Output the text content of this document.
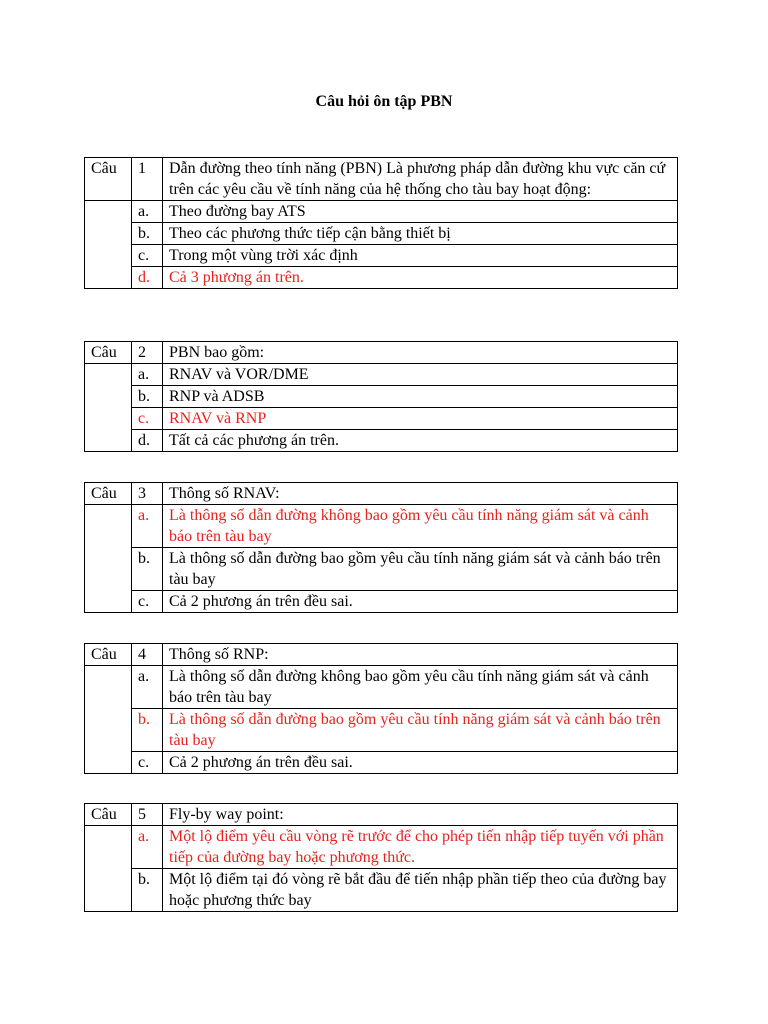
Câu hỏi ôn tập PBN
Câu	1	Dẫn đường theo tính năng (PBN) Là phương pháp dẫn đường khu vực căn cứ trên các yêu cầu về tính năng của hệ thống cho tàu bay hoạt động:
	a.	Theo đường bay ATS
	b.	Theo các phương thức tiếp cận bằng thiết bị
	c.	Trong một vùng trời xác định
	d.	Cả 3 phương án trên.
Câu	2	PBN bao gồm:
	a.	RNAV và VOR/DME
	b.	RNP và ADSB
	c.	RNAV và RNP
	d.	Tất cả các phương án trên.
Câu	3	Thông số RNAV:
	a.	Là thông số dẫn đường không bao gồm yêu cầu tính năng giám sát và cảnh báo trên tàu bay
	b.	Là thông số dẫn đường bao gồm yêu cầu tính năng giám sát và cảnh báo trên tàu bay
	c.	Cả 2 phương án trên đều sai.
Câu	4	Thông số RNP:
	a.	Là thông số dẫn đường không bao gồm yêu cầu tính năng giám sát và cảnh báo trên tàu bay
	b.	Là thông số dẫn đường bao gồm yêu cầu tính năng giám sát và cảnh báo trên tàu bay
	c.	Cả 2 phương án trên đều sai.
Câu	5	Fly-by way point:
	a.	Một lộ điểm yêu cầu vòng rẽ trước để cho phép tiến nhập tiếp tuyến với phần tiếp của đường bay hoặc phương thức.
	b.	Một lộ điểm tại đó vòng rẽ bắt đầu để tiến nhập phần tiếp theo của đường bay hoặc phương thức bay
